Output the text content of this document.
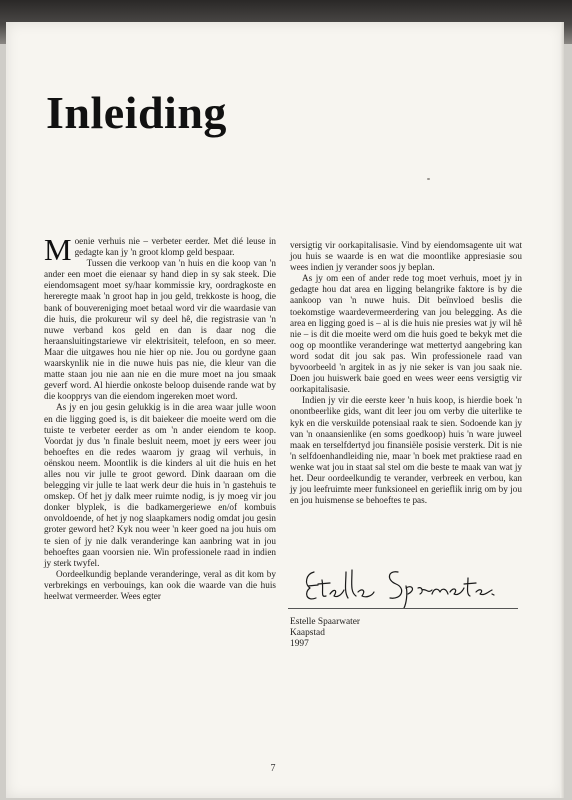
Inleiding

Moenie verhuis nie – verbeter eerder. Met dié leuse in gedagte kan jy 'n groot klomp geld bespaar.

Tussen die verkoop van 'n huis en die koop van 'n ander een moet die eienaar sy hand diep in sy sak steek. Die eiendomsagent moet sy/haar kommissie kry, oordragkoste en hereregte maak 'n groot hap in jou geld, trekkoste is hoog, die bank of bouvereniging moet betaal word vir die waardasie van die huis, die prokureur wil sy deel hê, die registrasie van 'n nuwe verband kos geld en dan is daar nog die heraansluitingstariewe vir elektrisiteit, telefoon, en so meer. Maar die uitgawes hou nie hier op nie. Jou ou gordyne gaan waarskynlik nie in die nuwe huis pas nie, die kleur van die matte staan jou nie aan nie en die mure moet na jou smaak geverf word. Al hierdie onkoste beloop duisende rande wat by die koopprys van die eiendom ingereken moet word.

As jy en jou gesin gelukkig is in die area waar julle woon en die ligging goed is, is dit baiekeer die moeite werd om die tuiste te verbeter eerder as om 'n ander eiendom te koop. Voordat jy dus 'n finale besluit neem, moet jy eers weer jou behoeftes en die redes waarom jy graag wil verhuis, in oënskou neem. Moontlik is die kinders al uit die huis en het alles nou vir julle te groot geword. Dink daaraan om die belegging vir julle te laat werk deur die huis in 'n gastehuis te omskep. Of het jy dalk meer ruimte nodig, is jy moeg vir jou donker blyplek, is die badkamergeriewe en/of kombuis onvoldoende, of het jy nog slaapkamers nodig omdat jou gesin groter geword het? Kyk nou weer 'n keer goed na jou huis om te sien of jy nie dalk veranderinge kan aanbring wat in jou behoeftes gaan voorsien nie. Win professionele raad in indien jy sterk twyfel.

Oordeelkundig beplande veranderinge, veral as dit kom by verbrekings en verbouings, kan ook die waarde van die huis heelwat vermeerder. Wees egter

versigtig vir oorkapitalisasie. Vind by eiendomsagente uit wat jou huis se waarde is en wat die moontlike appresiasie sou wees indien jy verander soos jy beplan.

As jy om een of ander rede tog moet verhuis, moet jy in gedagte hou dat area en ligging belangrike faktore is by die aankoop van 'n nuwe huis. Dit beïnvloed beslis die toekomstige waardevermeerdering van jou belegging. As die area en ligging goed is – al is die huis nie presies wat jy wil hê nie – is dit die moeite werd om die huis goed te bekyk met die oog op moontlike veranderinge wat mettertyd aangebring kan word sodat dit jou sak pas. Win professionele raad van byvoorbeeld 'n argitek in as jy nie seker is van jou saak nie. Doen jou huiswerk baie goed en wees weer eens versigtig vir oorkapitalisasie.

Indien jy vir die eerste keer 'n huis koop, is hierdie boek 'n onontbeerlike gids, want dit leer jou om verby die uiterlike te kyk en die verskuilde potensiaal raak te sien. Sodoende kan jy van 'n onaansienlike (en soms goedkoop) huis 'n ware juweel maak en terselfdertyd jou finansiële posisie versterk. Dit is nie 'n selfdoenhandleiding nie, maar 'n boek met praktiese raad en wenke wat jou in staat sal stel om die beste te maak van wat jy het. Deur oordeelkundig te verander, verbreek en verbou, kan jy jou leefruimte meer funksioneel en gerieflik inrig om by jou en jou huismense se behoeftes te pas.

Estelle Spaarwater
Kaapstad
1997
7
